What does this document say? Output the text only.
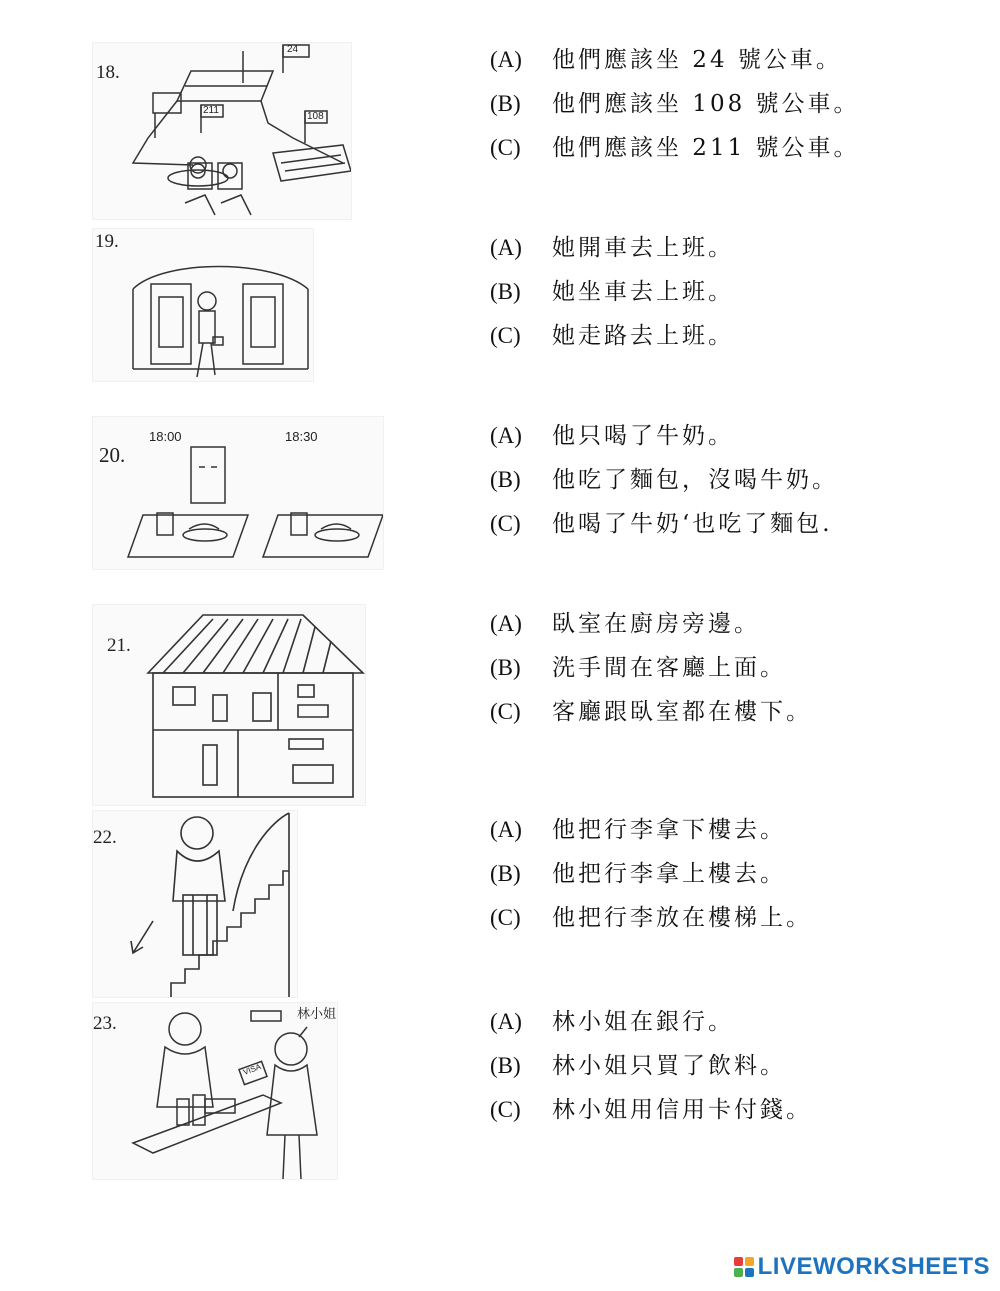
24
211
108
18.
(A) 他們應該坐 24 號公車。
(B) 他們應該坐 108 號公車。
(C) 他們應該坐 211 號公車。
19.	(A) 她開車去上班。
(B) 她坐車去上班。
(C) 她走路去上班。
20.
18:00	18:30	(A) 他只喝了牛奶。
(B) 他吃了麵包，沒喝牛奶。
(C) 他喝了牛奶‘也吃了麵包.
21.
(A) 臥室在廚房旁邊。
(B) 洗手間在客廳上面。
(C) 客廳跟臥室都在樓下。
22.	(A) 他把行李拿下樓去。
(B) 他把行李拿上樓去。
(C) 他把行李放在樓梯上。
23.	林小姐
VISA
(A) 林小姐在銀行。
(B) 林小姐只買了飲料。
(C) 林小姐用信用卡付錢。
LIVEWORKSHEETS
